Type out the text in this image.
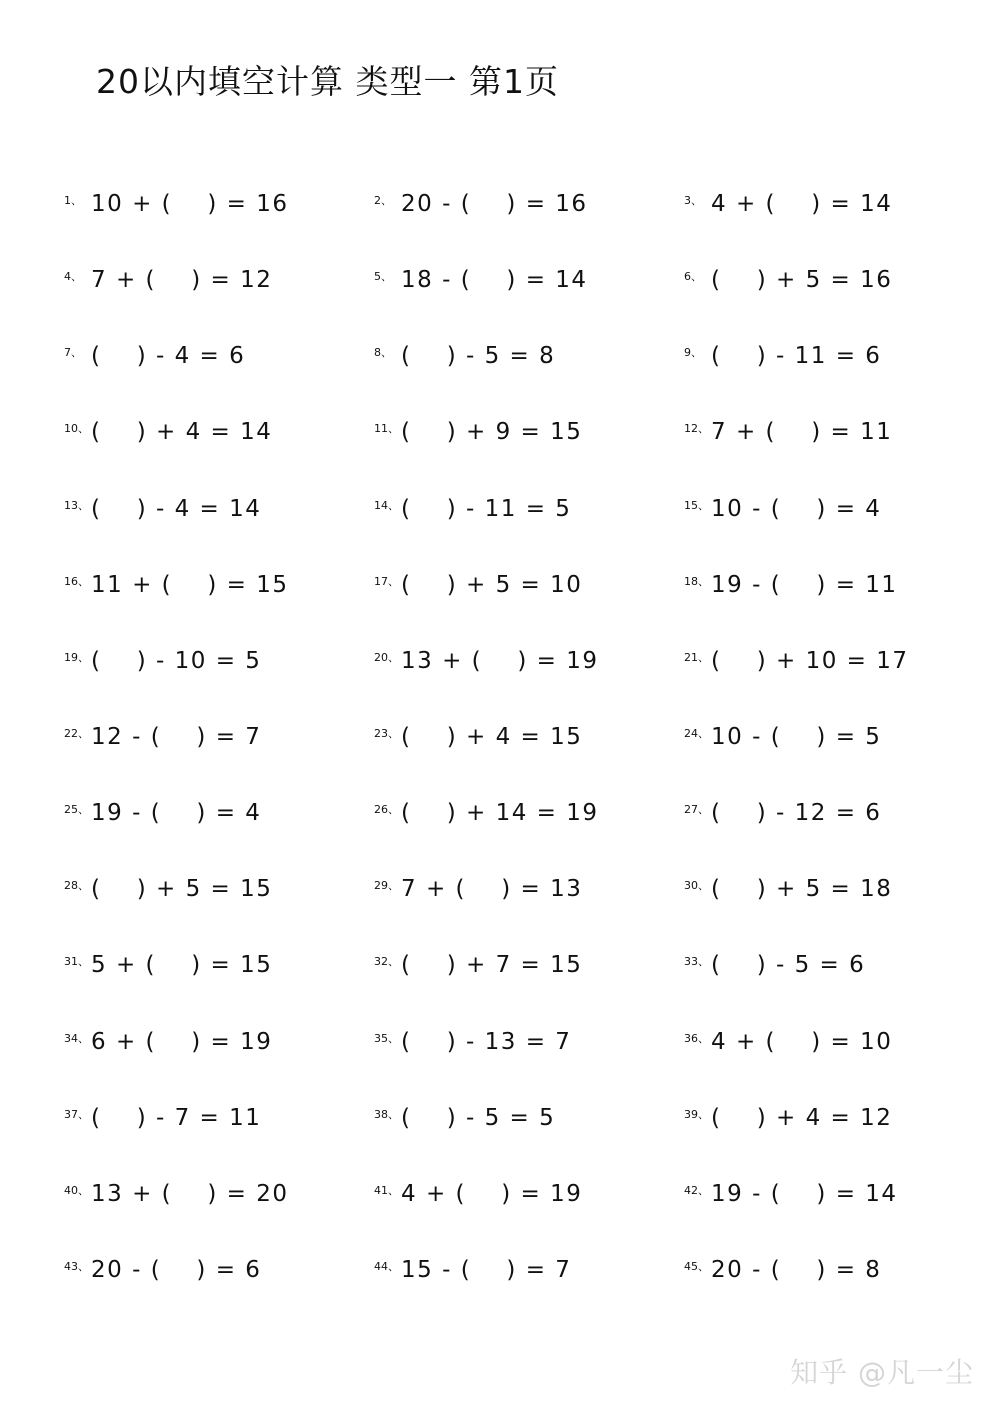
20以内填空计算 类型一 第1页
1、 10 + (    ) = 16	2、 20 - (    ) = 16	3、 4 + (    ) = 14
4、 7 + (    ) = 12	5、 18 - (    ) = 14	6、 (    ) + 5 = 16
7、 (    ) - 4 = 6	8、 (    ) - 5 = 8	9、 (    ) - 11 = 6
10、 (    ) + 4 = 14	11、 (    ) + 9 = 15	12、 7 + (    ) = 11
13、 (    ) - 4 = 14	14、 (    ) - 11 = 5	15、 10 - (    ) = 4
16、 11 + (    ) = 15	17、 (    ) + 5 = 10	18、 19 - (    ) = 11
19、 (    ) - 10 = 5	20、 13 + (    ) = 19	21、 (    ) + 10 = 17
22、 12 - (    ) = 7	23、 (    ) + 4 = 15	24、 10 - (    ) = 5
25、 19 - (    ) = 4	26、 (    ) + 14 = 19	27、 (    ) - 12 = 6
28、 (    ) + 5 = 15	29、 7 + (    ) = 13	30、 (    ) + 5 = 18
31、 5 + (    ) = 15	32、 (    ) + 7 = 15	33、 (    ) - 5 = 6
34、 6 + (    ) = 19	35、 (    ) - 13 = 7	36、 4 + (    ) = 10
37、 (    ) - 7 = 11	38、 (    ) - 5 = 5	39、 (    ) + 4 = 12
40、 13 + (    ) = 20	41、 4 + (    ) = 19	42、 19 - (    ) = 14
43、 20 - (    ) = 6	44、 15 - (    ) = 7	45、 20 - (    ) = 8
知乎 @凡一尘
